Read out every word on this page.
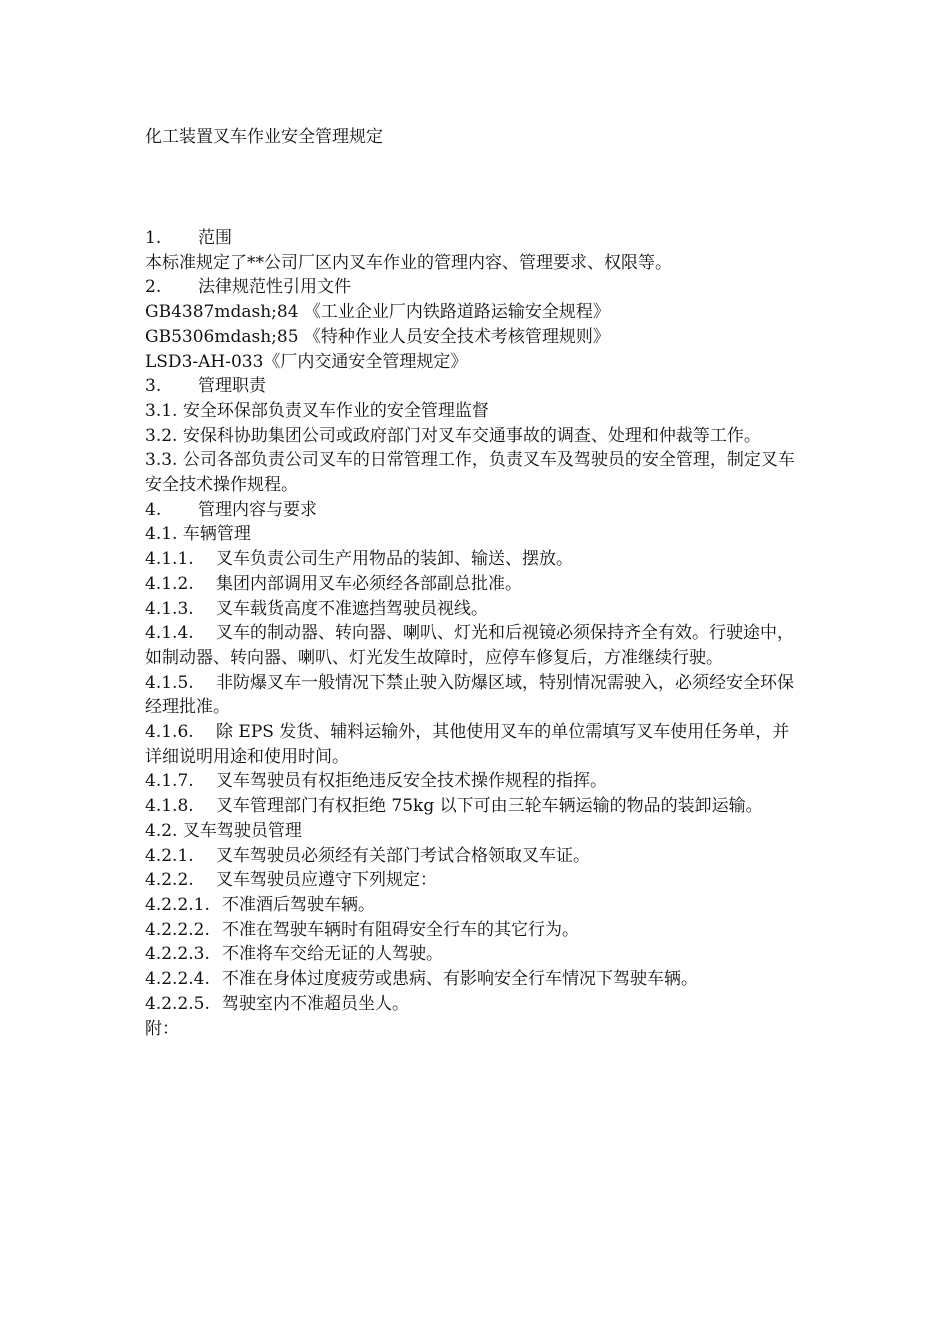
化工装置叉车作业安全管理规定
1. 范围
本标准规定了**公司厂区内叉车作业的管理内容、管理要求、权限等。
2. 法律规范性引用文件
GB4387mdash;84 《工业企业厂内铁路道路运输安全规程》
GB5306mdash;85 《特种作业人员安全技术考核管理规则》
LSD3-AH-033《厂内交通安全管理规定》
3. 管理职责
3.1. 安全环保部负责叉车作业的安全管理监督
3.2. 安保科协助集团公司或政府部门对叉车交通事故的调查、处理和仲裁等工作。
3.3. 公司各部负责公司叉车的日常管理工作，负责叉车及驾驶员的安全管理，制定叉车安全技术操作规程。
4. 管理内容与要求
4.1. 车辆管理
4.1.1. 叉车负责公司生产用物品的装卸、输送、摆放。
4.1.2. 集团内部调用叉车必须经各部副总批准。
4.1.3. 叉车载货高度不准遮挡驾驶员视线。
4.1.4. 叉车的制动器、转向器、喇叭、灯光和后视镜必须保持齐全有效。行驶途中，如制动器、转向器、喇叭、灯光发生故障时，应停车修复后，方准继续行驶。
4.1.5. 非防爆叉车一般情况下禁止驶入防爆区域，特别情况需驶入，必须经安全环保经理批准。
4.1.6. 除 EPS 发货、辅料运输外，其他使用叉车的单位需填写叉车使用任务单，并详细说明用途和使用时间。
4.1.7. 叉车驾驶员有权拒绝违反安全技术操作规程的指挥。
4.1.8. 叉车管理部门有权拒绝 75kg 以下可由三轮车辆运输的物品的装卸运输。
4.2. 叉车驾驶员管理
4.2.1. 叉车驾驶员必须经有关部门考试合格领取叉车证。
4.2.2. 叉车驾驶员应遵守下列规定：
4.2.2.1. 不准酒后驾驶车辆。
4.2.2.2. 不准在驾驶车辆时有阻碍安全行车的其它行为。
4.2.2.3. 不准将车交给无证的人驾驶。
4.2.2.4. 不准在身体过度疲劳或患病、有影响安全行车情况下驾驶车辆。
4.2.2.5. 驾驶室内不准超员坐人。
附：
